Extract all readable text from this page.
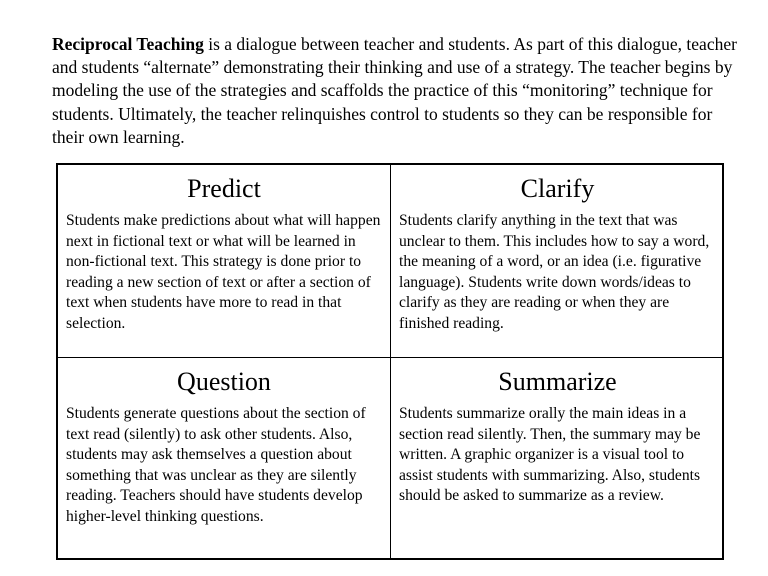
Reciprocal Teaching is a dialogue between teacher and students. As part of this dialogue, teacher and students “alternate” demonstrating their thinking and use of a strategy. The teacher begins by modeling the use of the strategies and scaffolds the practice of this “monitoring” technique for students. Ultimately, the teacher relinquishes control to students so they can be responsible for their own learning.

Predict

Students make predictions about what will happen next in fictional text or what will be learned in non-fictional text. This strategy is done prior to reading a new section of text or after a section of text when students have more to read in that selection.

Clarify

Students clarify anything in the text that was unclear to them. This includes how to say a word, the meaning of a word, or an idea (i.e. figurative language). Students write down words/ideas to clarify as they are reading or when they are finished reading.

Question

Students generate questions about the section of text read (silently) to ask other students. Also, students may ask themselves a question about something that was unclear as they are silently reading. Teachers should have students develop higher-level thinking questions.

Summarize

Students summarize orally the main ideas in a section read silently. Then, the summary may be written. A graphic organizer is a visual tool to assist students with summarizing. Also, students should be asked to summarize as a review.
